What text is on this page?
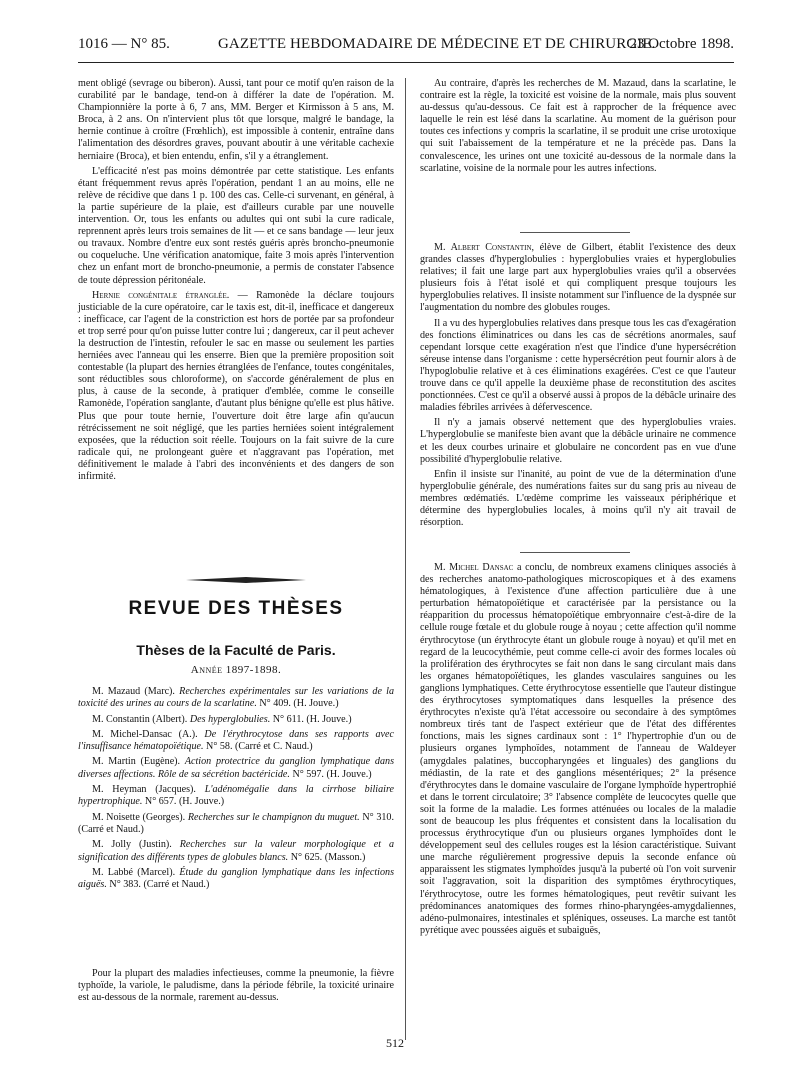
1016 — N° 85.	GAZETTE HEBDOMADAIRE DE MÉDECINE ET DE CHIRURGIE.
23 Octobre 1898.

ment obligé (sevrage ou biberon). Aussi, tant pour ce motif qu'en raison de la curabilité par le bandage, tend-on à différer la date de l'opération. M. Championnière la porte à 6, 7 ans, MM. Berger et Kirmisson à 5 ans, M. Broca, à 2 ans. On n'intervient plus tôt que lorsque, malgré le bandage, la hernie continue à croître (Frœhlich), est impossible à contenir, entraîne dans l'alimentation des désordres graves, pouvant aboutir à une véritable cachexie herniaire (Broca), et bien entendu, enfin, s'il y a étranglement.

L'efficacité n'est pas moins démontrée par cette statistique. Les enfants étant fréquemment revus après l'opération, pendant 1 an au moins, elle ne relève de récidive que dans 1 p. 100 des cas. Celle-ci survenant, en général, à la partie supérieure de la plaie, est d'ailleurs curable par une nouvelle intervention. Or, tous les enfants ou adultes qui ont subi la cure radicale, reprennent après leurs trois semaines de lit — et ce sans bandage — leur jeux ou travaux. Nombre d'entre eux sont restés guéris après broncho-pneumonie ou coqueluche. Une vérification anatomique, faite 3 mois après l'intervention chez un enfant mort de broncho-pneumonie, a permis de constater l'absence de toute dépression péritonéale.

Hernie congénitale étranglée. — Ramonède la déclare toujours justiciable de la cure opératoire, car le taxis est, dit-il, inefficace et dangereux : inefficace, car l'agent de la constriction est hors de portée par sa profondeur et trop serré pour qu'on puisse lutter contre lui ; dangereux, car il peut achever la destruction de l'intestin, refouler le sac en masse ou seulement les parties herniées avec l'anneau qui les enserre. Bien que la première proposition soit contestable (la plupart des hernies étranglées de l'enfance, toutes congénitales, sont réductibles sous chloroforme), on s'accorde généralement de plus en plus, à cause de la seconde, à pratiquer d'emblée, comme le conseille Ramonède, l'opération sanglante, d'autant plus bénigne qu'elle est plus hâtive. Plus que pour toute hernie, l'ouverture doit être large afin qu'aucun rétrécissement ne soit négligé, que les parties herniées soient intégralement exposées, que la réduction soit réelle. Toujours on la fait suivre de la cure radicale qui, ne prolongeant guère et n'aggravant pas l'opération, met définitivement le malade à l'abri des inconvénients et des dangers de son infirmité.

REVUE DES THÈSES
Thèses de la Faculté de Paris.
Année 1897-1898.

M. Mazaud (Marc). Recherches expérimentales sur les variations de la toxicité des urines au cours de la scarlatine. N° 409. (H. Jouve.)

M. Constantin (Albert). Des hyperglobulies. N° 611. (H. Jouve.)

M. Michel-Dansac (A.). De l'érythrocytose dans ses rapports avec l'insuffisance hématopoïétique. N° 58. (Carré et C. Naud.)

M. Martin (Eugène). Action protectrice du ganglion lymphatique dans diverses affections. Rôle de sa sécrétion bactéricide. N° 597. (H. Jouve.)

M. Heyman (Jacques). L'adénomégalie dans la cirrhose biliaire hypertrophique. N° 657. (H. Jouve.)

M. Noisette (Georges). Recherches sur le champignon du muguet. N° 310. (Carré et Naud.)

M. Jolly (Justin). Recherches sur la valeur morphologique et a signification des différents types de globules blancs. N° 625. (Masson.)

M. Labbé (Marcel). Étude du ganglion lymphatique dans les infections aiguës. N° 383. (Carré et Naud.)

Pour la plupart des maladies infectieuses, comme la pneumonie, la fièvre typhoïde, la variole, le paludisme, dans la période fébrile, la toxicité urinaire est au-dessous de la normale, rarement au-dessus.

Au contraire, d'après les recherches de M. Mazaud, dans la scarlatine, le contraire est la règle, la toxicité est voisine de la normale, mais plus souvent au-dessus qu'au-dessous. Ce fait est à rapprocher de la fréquence avec laquelle le rein est lésé dans la scarlatine. Au moment de la guérison pour toutes ces infections y compris la scarlatine, il se produit une crise urotoxique qui suit l'abaissement de la température et ne la précède pas. Dans la convalescence, les urines ont une toxicité au-dessous de la normale dans la scarlatine, voisine de la normale pour les autres infections.

M. Albert Constantin, élève de Gilbert, établit l'existence des deux grandes classes d'hyperglobulies : hyperglobulies vraies et hyperglobulies relatives; il fait une large part aux hyperglobulies vraies qu'il a observées plusieurs fois à l'état isolé et qui compliquent presque toujours les hyperglobulies relatives. Il insiste notamment sur l'influence de la dyspnée sur l'augmentation du nombre des globules rouges.

Il a vu des hyperglobulies relatives dans presque tous les cas d'exagération des fonctions éliminatrices ou dans les cas de sécrétions anormales, sauf cependant lorsque cette exagération n'est que l'indice d'une hypersécrétion séreuse intense dans l'organisme : cette hypersécrétion peut fournir alors à de l'hypoglobulie relative et à ces éliminations exagérées. C'est ce que l'auteur trouve dans ce qu'il appelle la deuxième phase de reconstitution des ascites ponctionnées. C'est ce qu'il a observé aussi à propos de la débâcle urinaire des maladies fébriles arrivées à défervescence.

Il n'y a jamais observé nettement que des hyperglobulies vraies. L'hyperglobulie se manifeste bien avant que la débâcle urinaire ne commence et les deux courbes urinaire et globulaire ne concordent pas en vue d'une possibilité d'hyperglobulie relative.

Enfin il insiste sur l'inanité, au point de vue de la détermination d'une hyperglobulie générale, des numérations faites sur du sang pris au niveau de membres œdématiés. L'œdème comprime les vaisseaux périphérique et détermine des hyperglobulies locales, à moins qu'il n'y ait travail de résorption.

M. Michel Dansac a conclu, de nombreux examens cliniques associés à des recherches anatomo-pathologiques microscopiques et à des examens hématologiques, à l'existence d'une affection particulière due à une perturbation hématopoïétique et caractérisée par la persistance ou la réapparition du processus hématopoïétique embryonnaire c'est-à-dire de la cellule rouge fœtale et du globule rouge à noyau ; cette affection qu'il nomme érythrocytose (un érythrocyte étant un globule rouge à noyau) et qu'il met en regard de la leucocythémie, peut comme celle-ci avoir des formes locales où la prolifération des érythrocytes se fait non dans le sang circulant mais dans les organes hématopoïétiques, les glandes vasculaires sanguines ou les ganglions lymphatiques. Cette érythrocytose essentielle que l'auteur distingue des érythrocytoses symptomatiques dans lesquelles la présence des érythrocytes n'existe qu'à l'état accessoire ou secondaire à des symptômes nombreux tirés tant de l'aspect extérieur que de l'état des différentes fonctions, mais les signes cardinaux sont : 1° l'hypertrophie d'un ou de plusieurs organes lymphoïdes, notamment de l'anneau de Waldeyer (amygdales palatines, buccopharyngées et linguales) des ganglions du médiastin, de la rate et des ganglions mésentériques; 2° la présence d'érythrocytes dans le domaine vasculaire de l'organe lymphoïde hypertrophié et dans le torrent circulatoire; 3° l'absence complète de leucocytes quelle que soit la forme de la maladie. Les formes atténuées ou locales de la maladie sont de beaucoup les plus fréquentes et consistent dans la localisation du processus érythrocytique d'un ou plusieurs organes lymphoïdes dont le développement seul des cellules rouges est la lésion caractéristique. Suivant une marche régulièrement progressive depuis la seconde enfance où apparaissent les stigmates lymphoïdes jusqu'à la puberté où l'on voit survenir soit l'aggravation, soit la disparition des symptômes érythrocytiques, l'érythrocytose, outre les formes hématologiques, peut revêtir suivant les prédominances anatomiques des formes rhino-pharyngées-amygdaliennes, adéno-pulmonaires, intestinales et spléniques, osseuses. La marche est tantôt pyrétique avec poussées aiguës et subaiguës,

512
